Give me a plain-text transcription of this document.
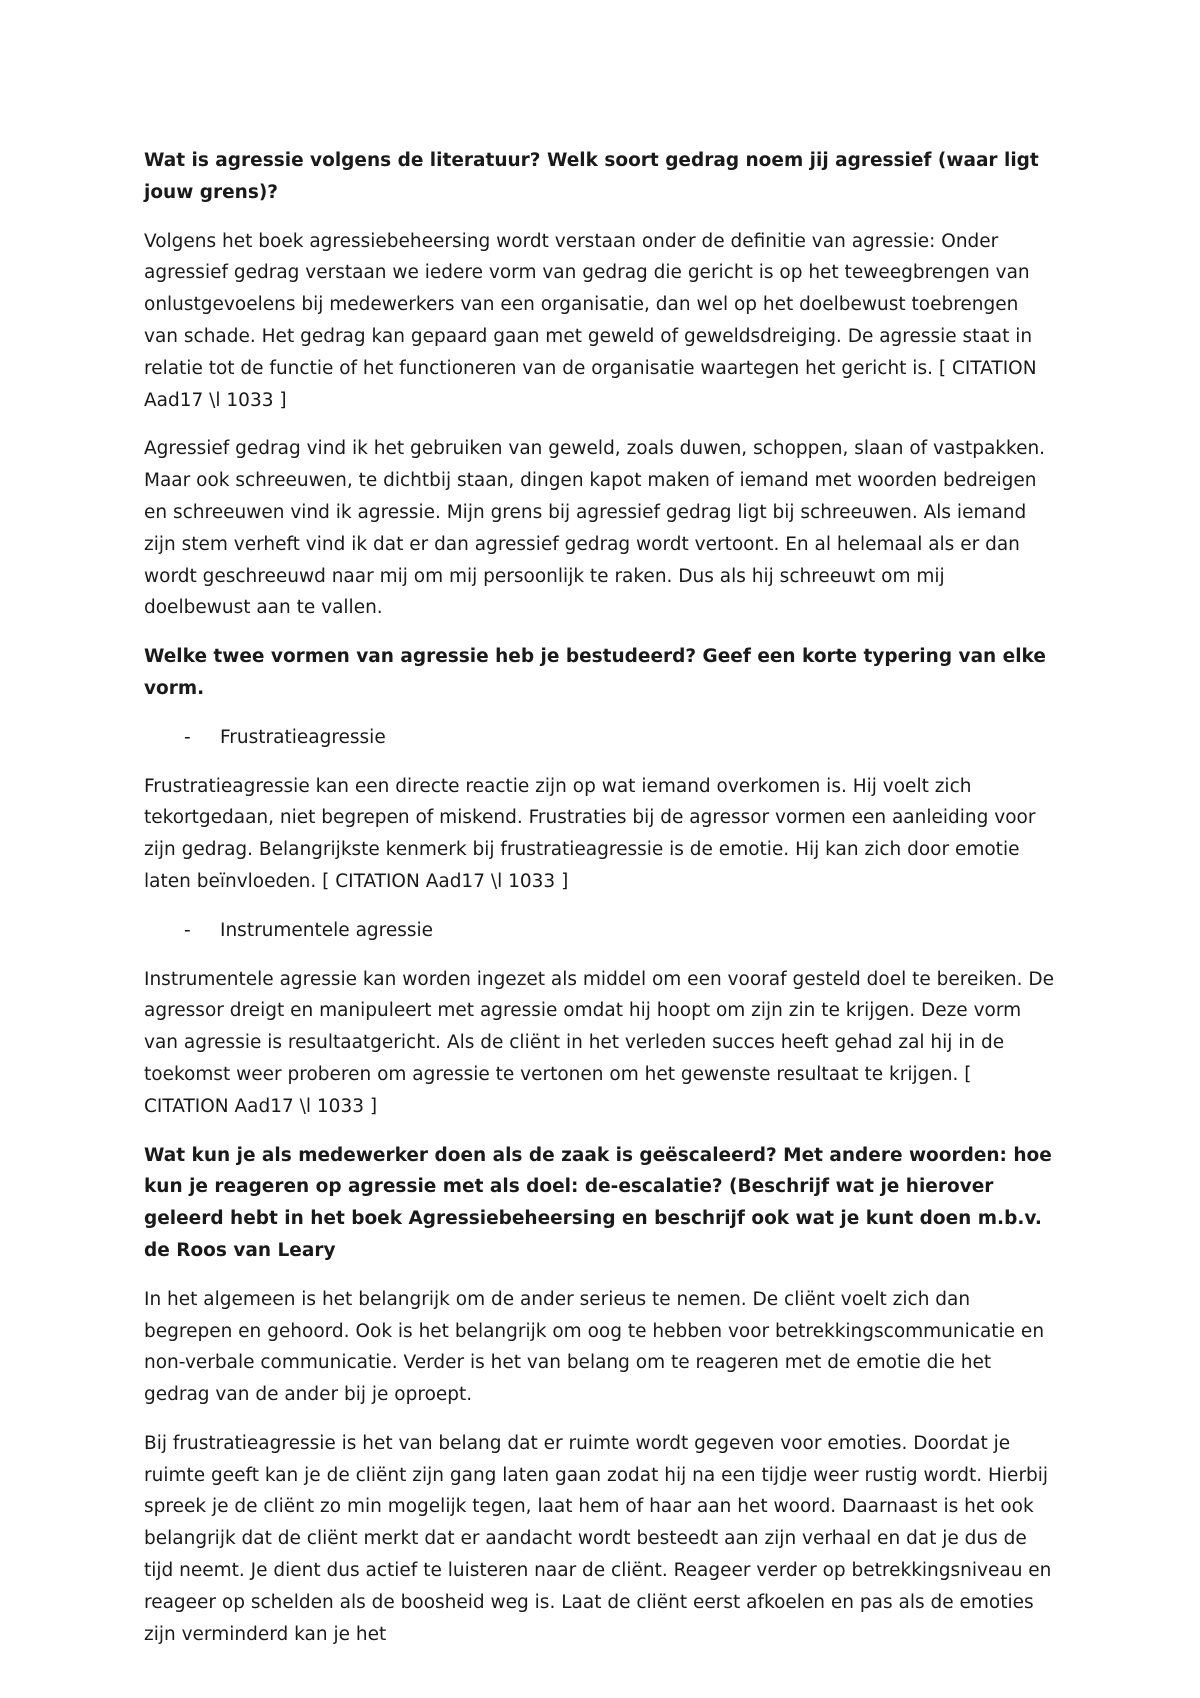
Wat is agressie volgens de literatuur? Welk soort gedrag noem jij agressief (waar ligt jouw grens)?

Volgens het boek agressiebeheersing wordt verstaan onder de definitie van agressie: Onder agressief gedrag verstaan we iedere vorm van gedrag die gericht is op het teweegbrengen van onlustgevoelens bij medewerkers van een organisatie, dan wel op het doelbewust toebrengen van schade. Het gedrag kan gepaard gaan met geweld of geweldsdreiging. De agressie staat in relatie tot de functie of het functioneren van de organisatie waartegen het gericht is. [ CITATION Aad17 \l 1033 ]

Agressief gedrag vind ik het gebruiken van geweld, zoals duwen, schoppen, slaan of vastpakken. Maar ook schreeuwen, te dichtbij staan, dingen kapot maken of iemand met woorden bedreigen en schreeuwen vind ik agressie. Mijn grens bij agressief gedrag ligt bij schreeuwen. Als iemand zijn stem verheft vind ik dat er dan agressief gedrag wordt vertoont. En al helemaal als er dan wordt geschreeuwd naar mij om mij persoonlijk te raken. Dus als hij schreeuwt om mij doelbewust aan te vallen.

Welke twee vormen van agressie heb je bestudeerd? Geef een korte typering van elke vorm.

-	Frustratieagressie

Frustratieagressie kan een directe reactie zijn op wat iemand overkomen is. Hij voelt zich tekortgedaan, niet begrepen of miskend. Frustraties bij de agressor vormen een aanleiding voor zijn gedrag. Belangrijkste kenmerk bij frustratieagressie is de emotie. Hij kan zich door emotie laten beïnvloeden. [ CITATION Aad17 \l 1033 ]

-	Instrumentele agressie

Instrumentele agressie kan worden ingezet als middel om een vooraf gesteld doel te bereiken. De agressor dreigt en manipuleert met agressie omdat hij hoopt om zijn zin te krijgen. Deze vorm van agressie is resultaatgericht. Als de cliënt in het verleden succes heeft gehad zal hij in de toekomst weer proberen om agressie te vertonen om het gewenste resultaat te krijgen. [ CITATION Aad17 \l 1033 ]

Wat kun je als medewerker doen als de zaak is geëscaleerd? Met andere woorden: hoe kun je reageren op agressie met als doel: de-escalatie? (Beschrijf wat je hierover geleerd hebt in het boek Agressiebeheersing en beschrijf ook wat je kunt doen m.b.v. de Roos van Leary

In het algemeen is het belangrijk om de ander serieus te nemen. De cliënt voelt zich dan begrepen en gehoord. Ook is het belangrijk om oog te hebben voor betrekkingscommunicatie en non-verbale communicatie. Verder is het van belang om te reageren met de emotie die het gedrag van de ander bij je oproept.

Bij frustratieagressie is het van belang dat er ruimte wordt gegeven voor emoties. Doordat je ruimte geeft kan je de cliënt zijn gang laten gaan zodat hij na een tijdje weer rustig wordt. Hierbij spreek je de cliënt zo min mogelijk tegen, laat hem of haar aan het woord. Daarnaast is het ook belangrijk dat de cliënt merkt dat er aandacht wordt besteedt aan zijn verhaal en dat je dus de tijd neemt. Je dient dus actief te luisteren naar de cliënt. Reageer verder op betrekkingsniveau en reageer op schelden als de boosheid weg is. Laat de cliënt eerst afkoelen en pas als de emoties zijn verminderd kan je het
